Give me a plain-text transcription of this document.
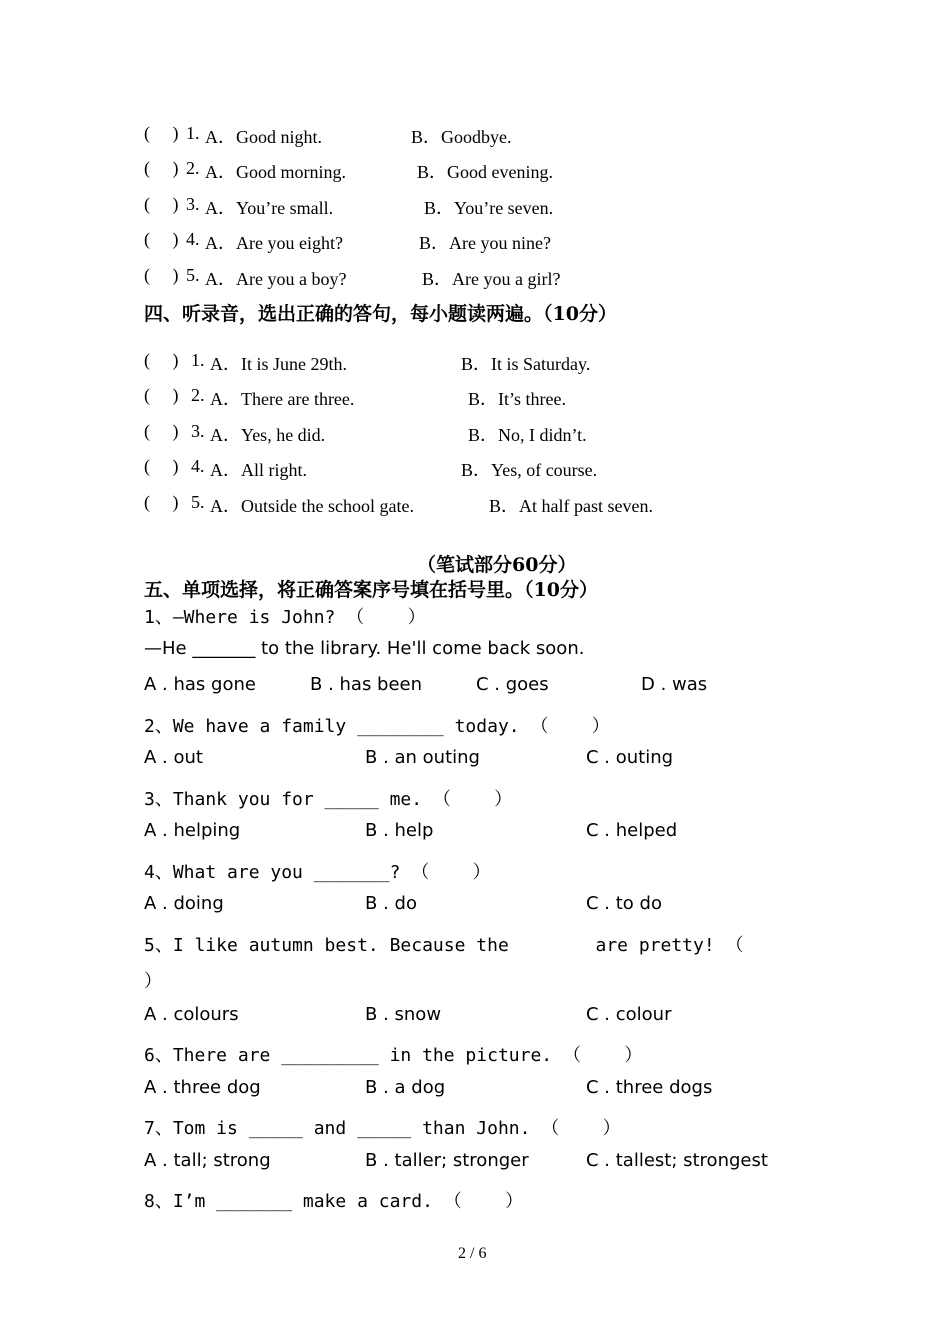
(     ) 1. A．Good night.	B．Goodbye.
(     ) 2. A．Good morning.	B．Good evening.
(     ) 3. A．You’re small.	B．You’re seven.
(     ) 4. A．Are you eight?	B．Are you nine?
(     ) 5. A．Are you a boy?	B．Are you a girl?
四、听录音，选出正确的答句，每小题读两遍。（10分）
(     ) 1. A．It is June 29th.	B．It is Saturday.
(     ) 2. A．There are three.	B．It’s three.
(     ) 3. A．Yes, he did.	B．No, I didn’t.
(     ) 4. A．All right.	B．Yes, of course.
(     ) 5. A．Outside the school gate.	B．At half past seven.
（笔试部分60分）
五、单项选择，将正确答案序号填在括号里。（10分）
1、—Where is John? （    ）
—He _______ to the library. He'll come back soon.
A . has gone	B . has been	C . goes	D . was
2、We have a family ________ today. （    ）
A . out	B . an outing	C . outing
3、Thank you for _____ me. （    ）
A . helping	B . help	C . helped
4、What are you _______? （    ）
A . doing	B . do	C . to do
5、I like autumn best. Because the        are pretty! （
）
A . colours	B . snow	C . colour
6、There are _________ in the picture. （    ）
A . three dog	B . a dog	C . three dogs
7、Tom is _____ and _____ than John. （    ）
A . tall; strong	B . taller; stronger	C . tallest; strongest
8、I’m _______ make a card. （    ）
2 / 6
